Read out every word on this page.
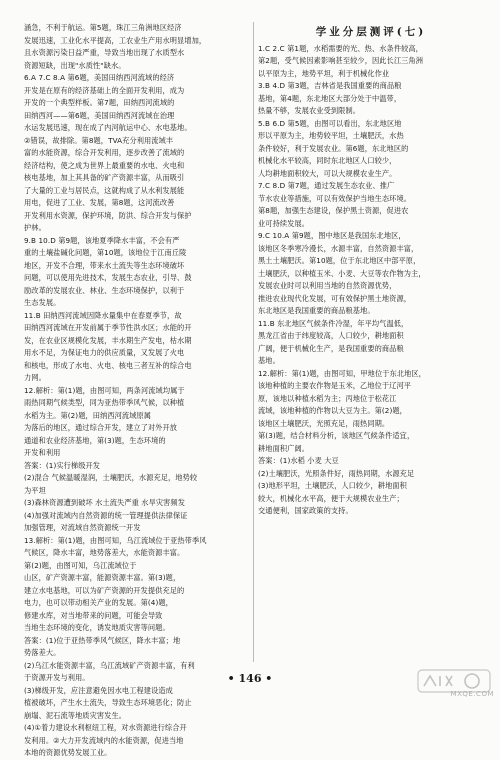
涵急，不利于航运。第5题，珠江三角洲地区经济

发展迅速，工业化水平提高，工农业生产用水明显增加，

且水资源污染日益严重，导致当地出现了水质型水

资源短缺，出现"水质性"缺水。

6.A 7.C 8.A 第6题，美国田纳西河流域的经济

开发是在原有的经济基础上的全面开发利用，成为

开发的一个典型样板。第7题，田纳西河流域的

田纳西河——第6题，美国田纳西河流域在治理

水运发展迅速，现在成了内河航运中心、水电基地。

②错误，故排除。第8题，TVA充分利用流域丰

富的水能资源，综合开发利用，逐步改善了流域的

经济结构，使之成为世界上最重要的水电、火电和

核电基地，加上其具备的矿产资源丰富，从而吸引

了大量的工业与居民点，这就构成了从水利发展能

用电，促进了工业、发展，第8题，这河流改善

开发利用水资源，保护环境，防洪、综合开发与保护

护林。

9.B 10.D 第9题，该地夏季降水丰富，不会有严

重的土壤盐碱化问题，第10题，该地位于江南丘陵

地区，开发不合理，带来水土流失等生态环境破坏

问题，可以使用先进技术，发展生态农业，引导、鼓

励改革的发展农业、林业、生态环境保护，以利于

生态发展。

11.B 田纳西河流域因降水量集中在春夏季节，故

田纳西河流域在开发前属于季节性洪水区；水能的开

发，在农业区规模化发展，丰水期生产发电，枯水期

用水不足，为保证电力的供应质量，又发展了火电

和核电，形成了水电、火电、核电三者互补的综合电

力网。

12.解析：第(1)题，由图可知，两条河流域均属于

雨热同期气候类型，同为亚热带季风气候，以种植

水稻为主。第(2)题，田纳西河流域原属

为落后的地区，通过综合开发，建立了对外开放

通道和农业经济基地，第(3)题，生态环境的

开发和利用

答案：(1)实行梯级开发

(2)混合 气候温暖湿润，土壤肥沃，水源充足，地势较

为平坦

(3)森林资源遭到破坏 水土流失严重 水旱灾害频发

(4)加强对流域内自然资源的统一管理提供法律保证

加强管理，对流域自然资源统一开发

13.解析：第(1)题，由图可知，乌江流域位于亚热带季风

气候区，降水丰富，地势落差大，水能资源丰富。

第(2)题，由图可知，乌江流域位于

山区，矿产资源丰富，能源资源丰富。第(3)题，

建立水电基地，可以为矿产资源的开发提供充足的

电力，也可以带动相关产业的发展。第(4)题，

修建水库，对当地带来的问题，可能会导致

当地生态环境的变化，诱发地质灾害等问题。

答案：(1)位于亚热带季风气候区，降水丰富；地

势落差大。

(2)乌江水能资源丰富，乌江流域矿产资源丰富，有利

于资源开发与利用。

(3)梯级开发，应注意避免因水电工程建设造成

植被破坏，产生水土流失，导致生态环境恶化；防止

崩塌、泥石流等地质灾害发生。

(4)①着力建设水利枢纽工程，对水资源进行综合开

发利用。②大力开发流域内的水能资源，促进当地

本地的资源优势发展工业。

学业分层测评(七)

1.C 2.C 第1题，水稻需要的光、热、水条件较高，

第2题，受气候因素影响甚至较少，因此长江三角洲

以平原为主，地势平坦，利于机械化作业

3.B 4.D 第3题，吉林省是我国重要的商品粮

基地，第4题，东北地区大部分处于中温带，

热量不够，发展农业受到限制。

5.B 6.D 第5题，由图可以看出，东北地区地

形以平原为主，地势较平坦，土壤肥沃，水热

条件较好，利于发展农业。第6题，东北地区的

机械化水平较高，同时东北地区人口较少，

人均耕地面积较大，可以大规模农业生产。

7.C 8.D 第7题，通过发展生态农业、推广

节水农业等措施，可以有效保护当地生态环境。

第8题，加强生态建设，保护黑土资源，促进农

业可持续发展。

9.C 10.A 第9题，图中地区是我国东北地区，

该地区冬季寒冷漫长，水源丰富，自然资源丰富，

黑土土壤肥沃。第10题，位于东北地区中部平原，

土壤肥沃，以种植玉米、小麦、大豆等农作物为主，

发展农业时可以利用当地的自然资源优势，

推进农业现代化发展，可有效保护黑土地资源，

东北地区是我国重要的商品粮基地。

11.B 东北地区气候条件冷湿，年平均气温低，

黑龙江省由于纬度较高，人口较少，耕地面积

广阔，便于机械化生产，是我国重要的商品粮

基地。

12.解析：第(1)题，由图可知，甲地位于东北地区，

该地种植的主要农作物是玉米，乙地位于辽河平

原，该地以种植水稻为主；丙地位于松花江

流域，该地种植的作物以大豆为主。第(2)题，

该地区土壤肥沃，光照充足，雨热同期。

第(3)题，结合材料分析，该地区气候条件适宜，

耕地面积广阔。

答案：(1)水稻 小麦 大豆

(2)土壤肥沃，光照条件好，雨热同期，水源充足

(3)地形平坦，土壤肥沃，人口较少，耕地面积

较大，机械化水平高，便于大规模农业生产；

交通便利，国家政策的支持。

• 146 •
MXQE.COM
